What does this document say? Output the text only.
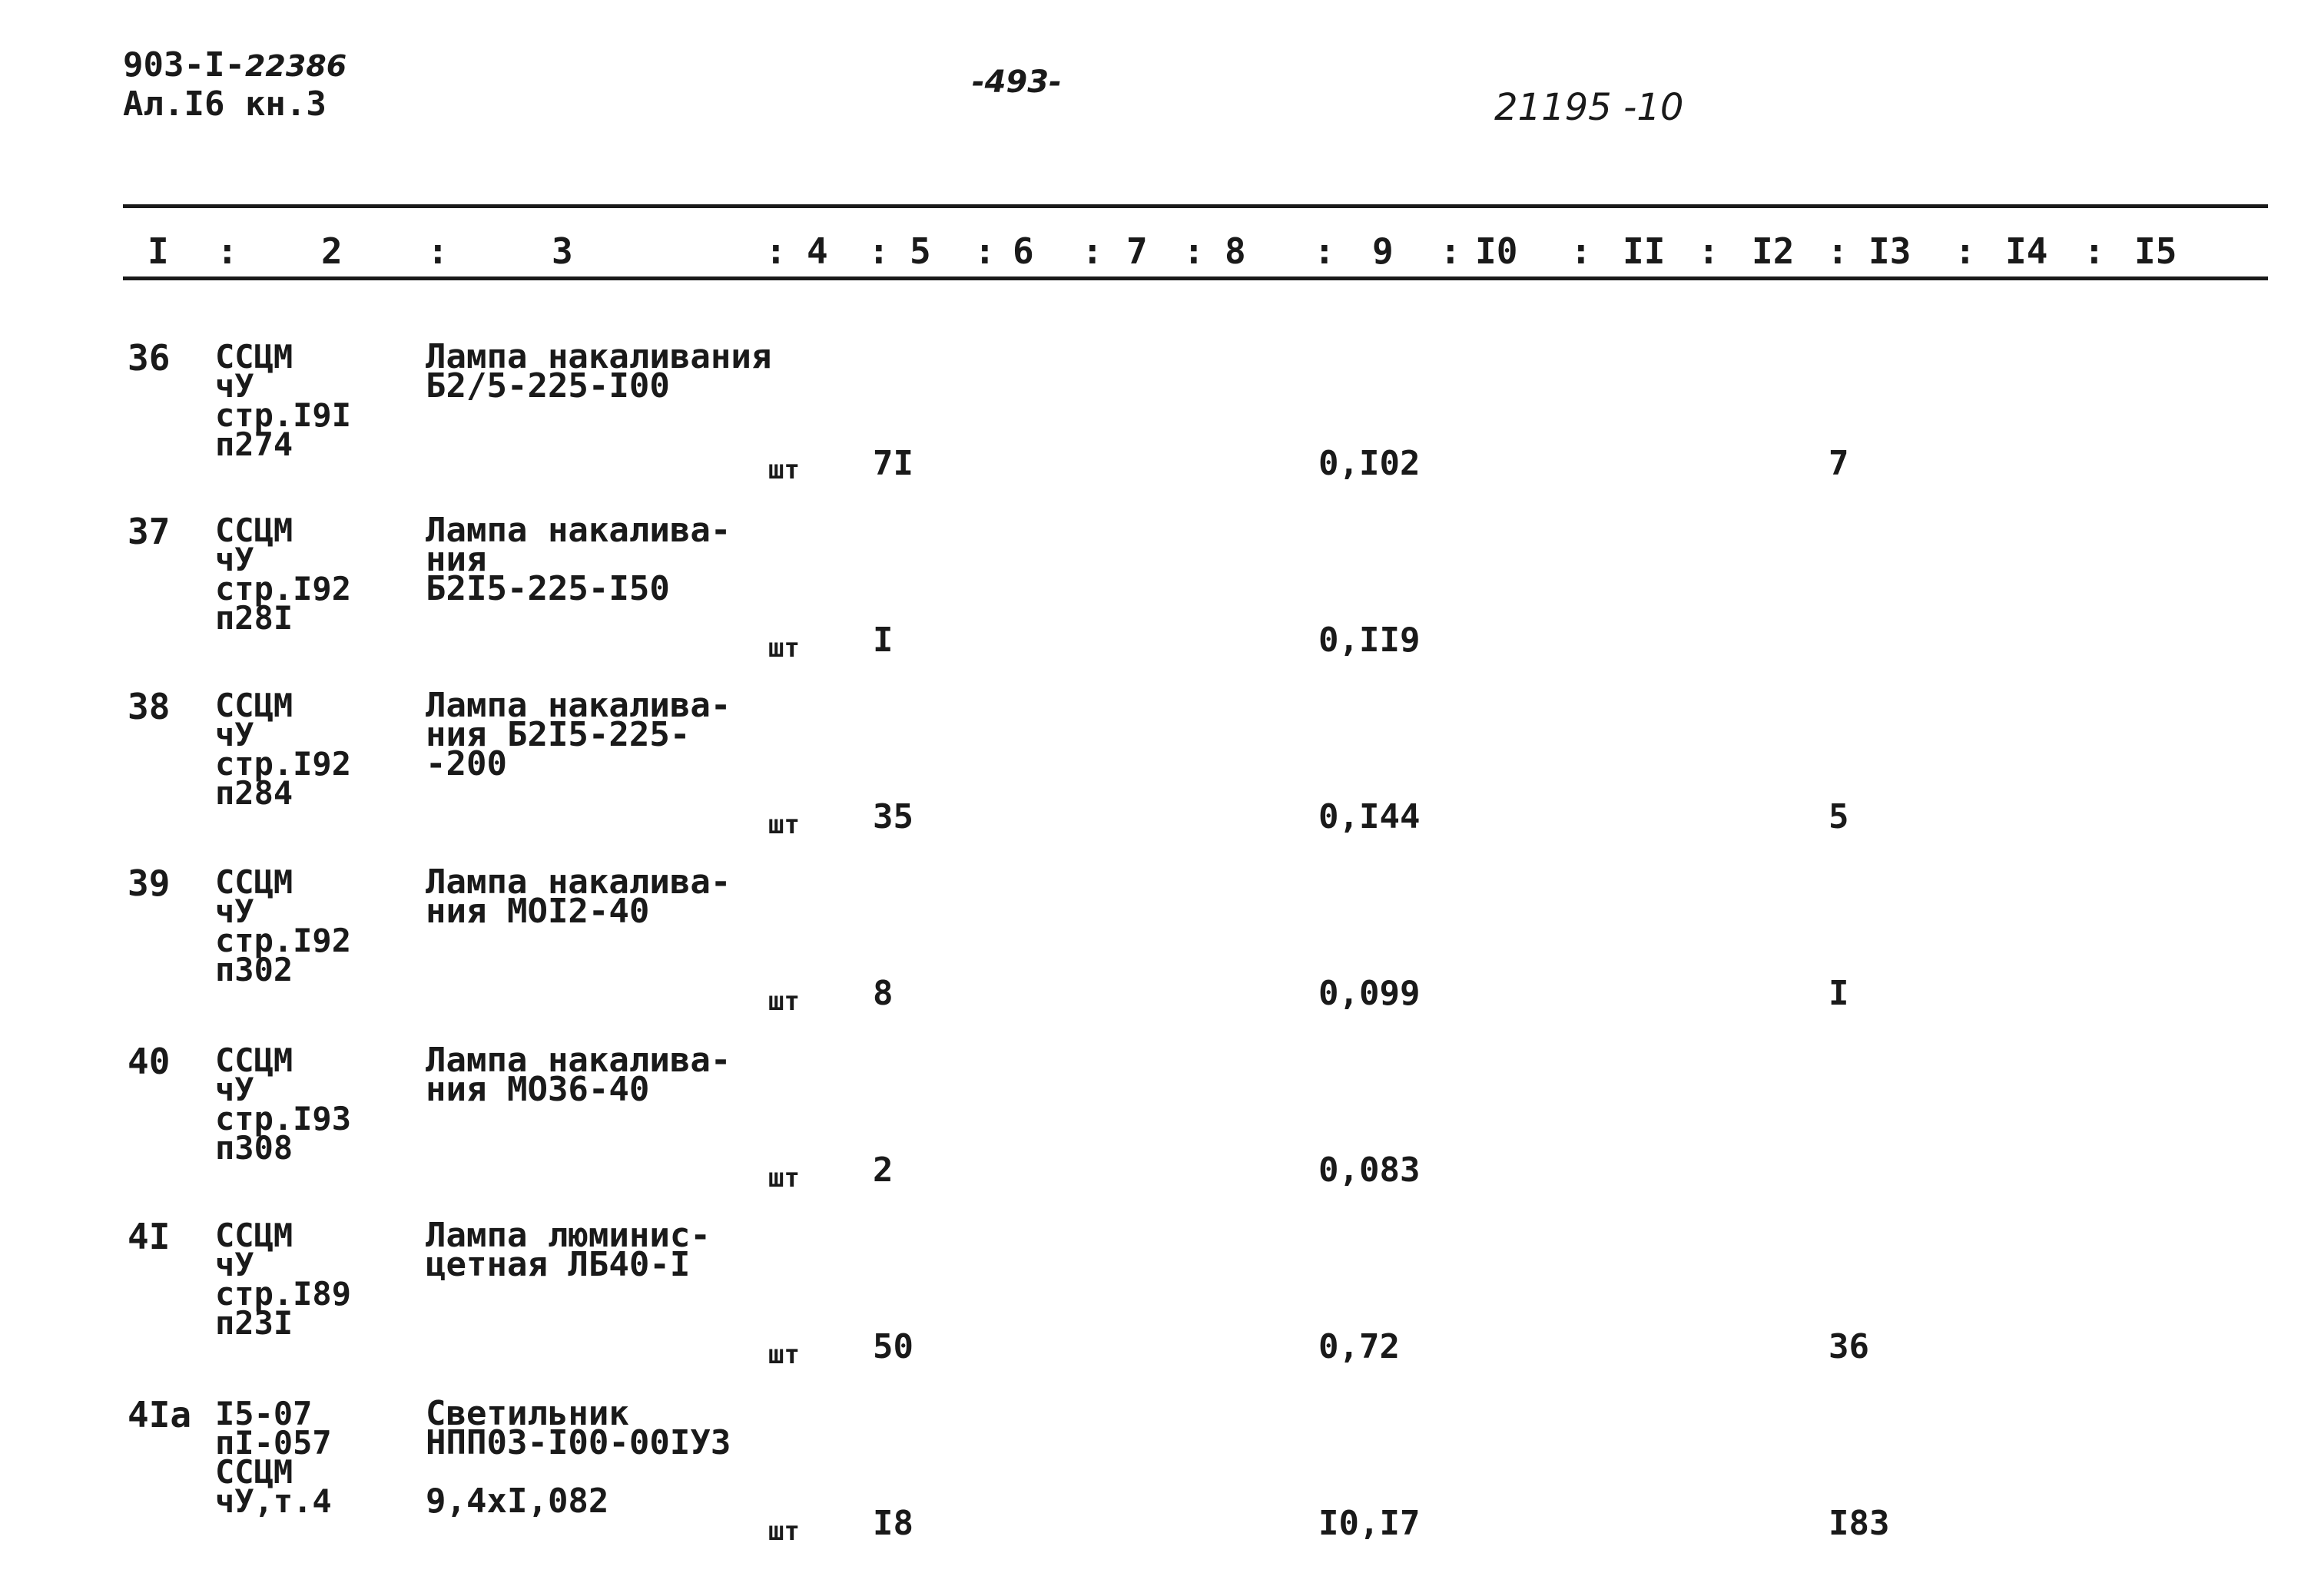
903-I-22386
Ал.I6 кн.3
-493-
21195 -10
I : 2 :	3	: 4 : 5 : 6 : 7 : 8 : 9 : I0 : II : I2 : I3 : I4 : I5
36 ССЦМ
чУ
стр.I9I
п274
Лампа накаливания
Б2/5-225-I00
шт 7I	0,I02	7
37 ССЦМ
чУ
стр.I92
п28I
Лампа накалива-
ния
Б2I5-225-I50
шт I	0,II9
38 ССЦМ
чУ
стр.I92
п284
Лампа накалива-
ния Б2I5-225-
-200
шт 35	0,I44	5
39 ССЦМ
чУ
стр.I92
п302
Лампа накалива-
ния МОI2-40
шт 8	0,099	I
40 ССЦМ
чУ
стр.I93
п308
Лампа накалива-
ния МО36-40
шт 2	0,083
4I ССЦМ
чУ
стр.I89
п23I
Лампа люминис-
цетная ЛБ40-I
шт 50	0,72	36
4Iа I5-07
пI-057
ССЦМ
чУ,т.4
Светильник
НПП03-I00-00IУ3

9,4хI,082
шт I8	I0,I7	I83
